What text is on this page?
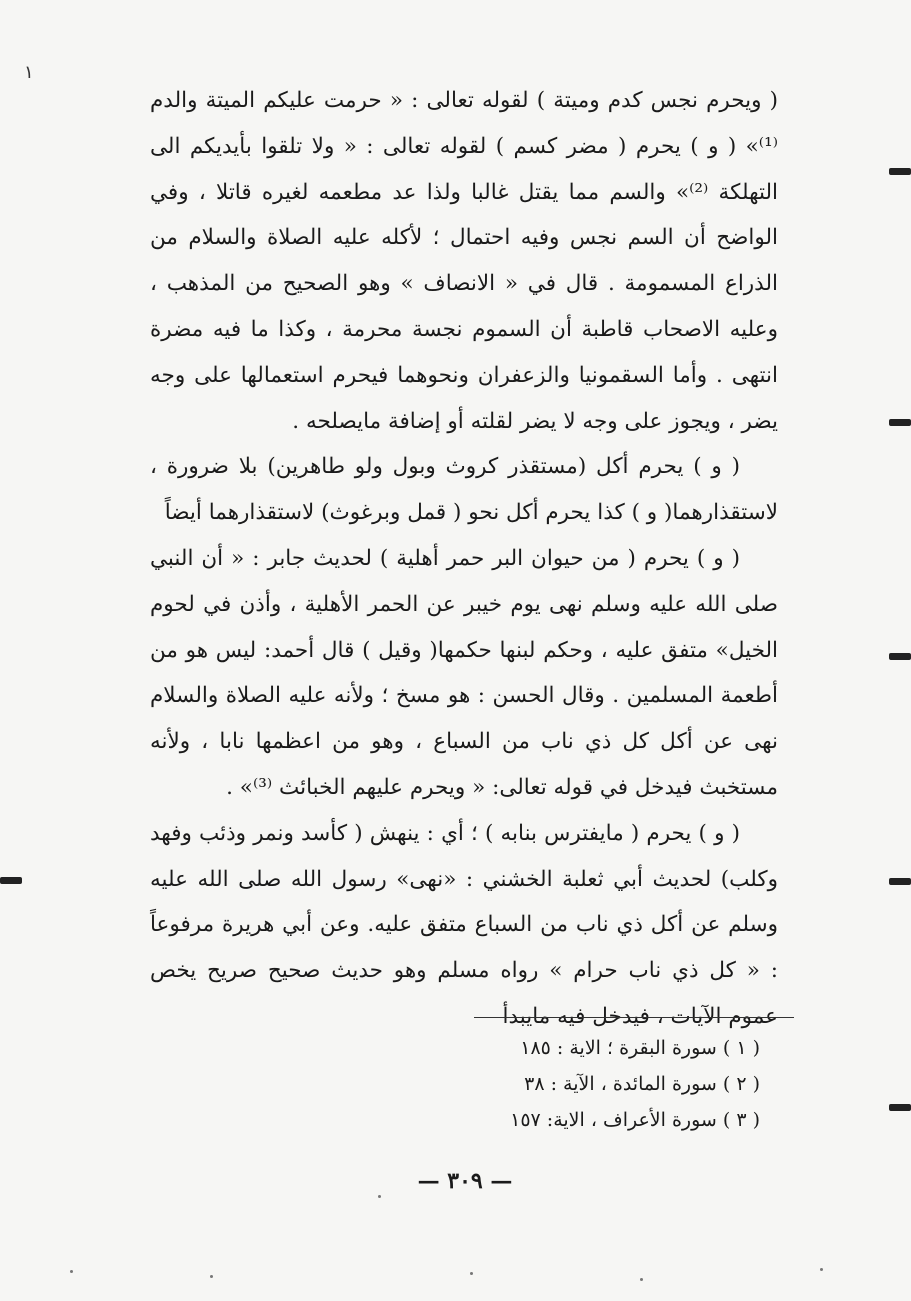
١

( ويحرم نجس كدم وميتة ) لقوله تعالى : « حرمت عليكم الميتة والدم ⁽¹⁾» ( و ) يحرم ( مضر كسم ) لقوله تعالى : « ولا تلقوا بأيديكم الى التهلكة ⁽²⁾» والسم مما يقتل غالبا ولذا عد مطعمه لغيره قاتلا ، وفي الواضح أن السم نجس وفيه احتمال ؛ لأكله عليه الصلاة والسلام من الذراع المسمومة . قال في « الانصاف » وهو الصحيح من المذهب ، وعليه الاصحاب قاطبة أن السموم نجسة محرمة ، وكذا ما فيه مضرة انتهى . وأما السقمونيا والزعفران ونحوهما فيحرم استعمالها على وجه يضر ، ويجوز على وجه لا يضر لقلته أو إضافة مايصلحه .

( و ) يحرم أكل (مستقذر كروث وبول ولو طاهرين) بلا ضرورة ، لاستقذارهما( و ) كذا يحرم أكل نحو ( قمل وبرغوث) لاستقذارهما أيضاً

( و ) يحرم ( من حيوان البر حمر أهلية ) لحديث جابر : « أن النبي صلى الله عليه وسلم نهى يوم خيبر عن الحمر الأهلية ، وأذن في لحوم الخيل» متفق عليه ، وحكم لبنها حكمها( وقيل ) قال أحمد: ليس هو من أطعمة المسلمين . وقال الحسن : هو مسخ ؛ ولأنه عليه الصلاة والسلام نهى عن أكل كل ذي ناب من السباع ، وهو من اعظمها نابا ، ولأنه مستخبث فيدخل في قوله تعالى: « ويحرم عليهم الخبائث ⁽³⁾» .

( و ) يحرم ( مايفترس بنابه ) ؛ أي : ينهش ( كأسد ونمر وذئب وفهد وكلب) لحديث أبي ثعلبة الخشني : «نهى» رسول الله صلى الله عليه وسلم عن أكل ذي ناب من السباع متفق عليه. وعن أبي هريرة مرفوعاً : « كل ذي ناب حرام » رواه مسلم وهو حديث صحيح صريح يخص عموم الآيات ، فيدخل فيه مايبدأ

( ١ ) سورة البقرة ؛ الاية : ١٨٥
( ٢ ) سورة المائدة ، الآية : ٣٨
( ٣ ) سورة الأعراف ، الاية: ١٥٧
— ٣٠٩ —
